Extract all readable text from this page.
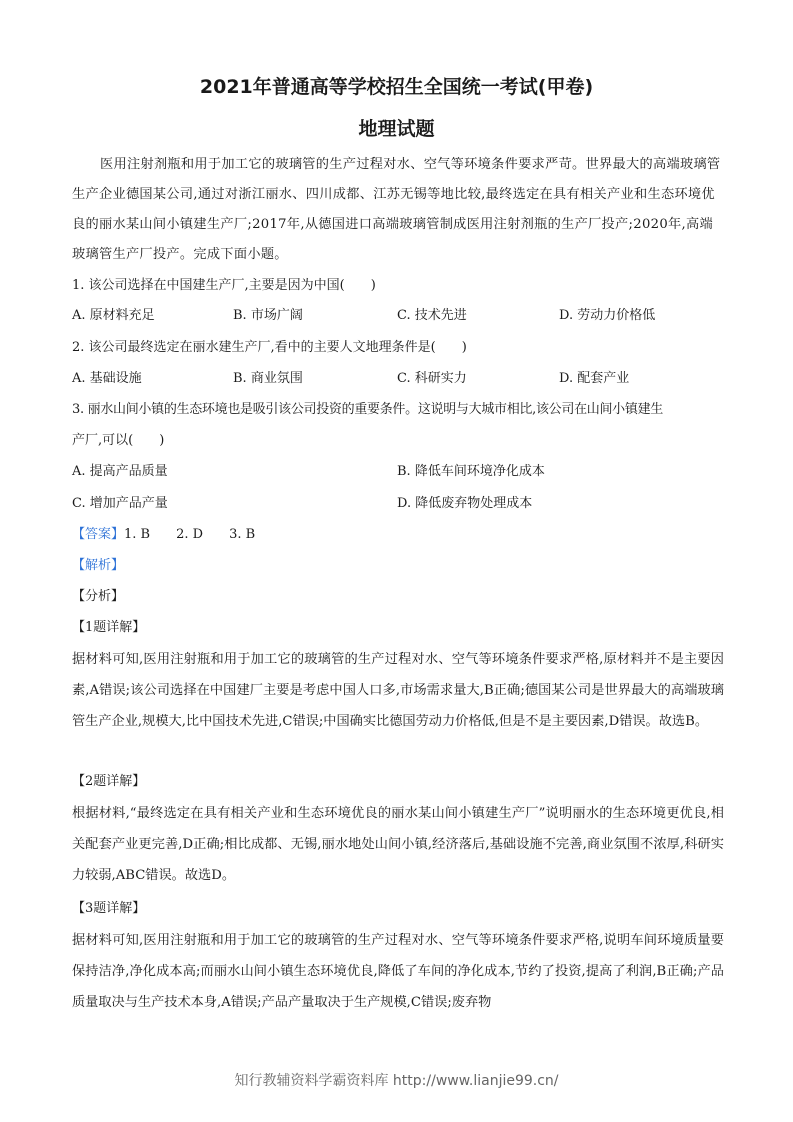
2021年普通高等学校招生全国统一考试(甲卷)
地理试题
医用注射剂瓶和用于加工它的玻璃管的生产过程对水、空气等环境条件要求严苛。世界最大的高端玻璃管生产企业德国某公司,通过对浙江丽水、四川成都、江苏无锡等地比较,最终选定在具有相关产业和生态环境优良的丽水某山间小镇建生产厂;2017年,从德国进口高端玻璃管制成医用注射剂瓶的生产厂投产;2020年,高端玻璃管生产厂投产。完成下面小题。
1. 该公司选择在中国建生产厂,主要是因为中国(　　)
A. 原材料充足	B. 市场广阔	C. 技术先进	D. 劳动力价格低
2. 该公司最终选定在丽水建生产厂,看中的主要人文地理条件是(　　)
A. 基础设施	B. 商业氛围	C. 科研实力	D. 配套产业
3. 丽水山间小镇的生态环境也是吸引该公司投资的重要条件。这说明与大城市相比,该公司在山间小镇建生
产厂,可以(　　)
A. 提高产品质量	B. 降低车间环境净化成本
C. 增加产品产量	D. 降低废弃物处理成本
【答案】1. B 2. D 3. B
【解析】
【分析】
【1题详解】
据材料可知,医用注射瓶和用于加工它的玻璃管的生产过程对水、空气等环境条件要求严格,原材料并不是主要因素,A错误;该公司选择在中国建厂主要是考虑中国人口多,市场需求量大,B正确;德国某公司是世界最大的高端玻璃管生产企业,规模大,比中国技术先进,C错误;中国确实比德国劳动力价格低,但是不是主要因素,D错误。故选B。
【2题详解】
根据材料,“最终选定在具有相关产业和生态环境优良的丽水某山间小镇建生产厂”说明丽水的生态环境更优良,相关配套产业更完善,D正确;相比成都、无锡,丽水地处山间小镇,经济落后,基础设施不完善,商业氛围不浓厚,科研实力较弱,ABC错误。故选D。
【3题详解】
据材料可知,医用注射瓶和用于加工它的玻璃管的生产过程对水、空气等环境条件要求严格,说明车间环境质量要保持洁净,净化成本高;而丽水山间小镇生态环境优良,降低了车间的净化成本,节约了投资,提高了利润,B正确;产品质量取决与生产技术本身,A错误;产品产量取决于生产规模,C错误;废弃物
知行教辅资料学霸资料库 http://www.lianjie99.cn/
